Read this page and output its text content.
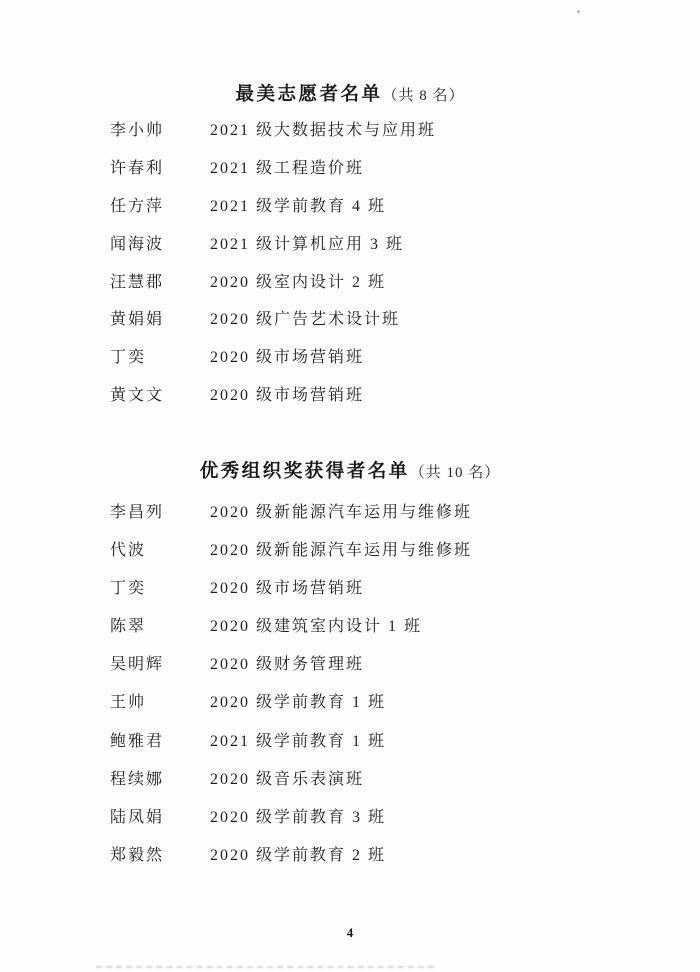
最美志愿者名单（共 8 名）
李小帅	2021 级大数据技术与应用班
许春利	2021 级工程造价班
任方萍	2021 级学前教育 4 班
闻海波	2021 级计算机应用 3 班
汪慧郡	2020 级室内设计 2 班
黄娟娟	2020 级广告艺术设计班
丁奕	2020 级市场营销班
黄文文	2020 级市场营销班
优秀组织奖获得者名单（共 10 名）
李昌列	2020 级新能源汽车运用与维修班
代波	2020 级新能源汽车运用与维修班
丁奕	2020 级市场营销班
陈翠	2020 级建筑室内设计 1 班
吴明辉	2020 级财务管理班
王帅	2020 级学前教育 1 班
鲍雅君	2021 级学前教育 1 班
程续娜	2020 级音乐表演班
陆凤娟	2020 级学前教育 3 班
郑毅然	2020 级学前教育 2 班
4
